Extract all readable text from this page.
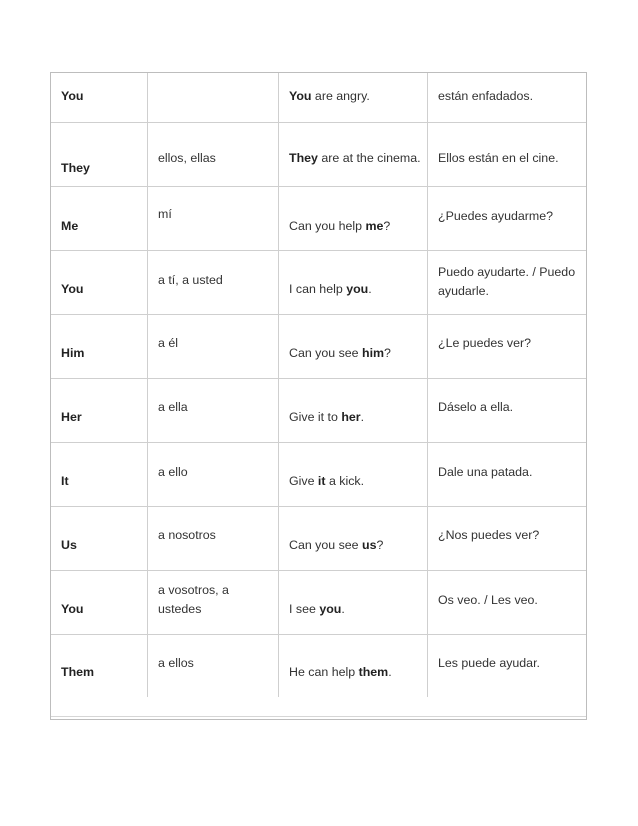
You		You are angry.	están enfadados.

They	ellos, ellas	They are at the cinema.	Ellos están en el cine.

Me	mí	Can you help me?	¿Puedes ayudarme?

You	a tí, a usted	I can help you.	Puedo ayudarte. / Puedo ayudarle.

Him	a él	Can you see him?	¿Le puedes ver?

Her	a ella	Give it to her.	Dáselo a ella.

It	a ello	Give it a kick.	Dale una patada.

Us	a nosotros	Can you see us?	¿Nos puedes ver?

You	a vosotros, a ustedes	I see you.	Os veo. / Les veo.

Them	a ellos	He can help them.	Les puede ayudar.
